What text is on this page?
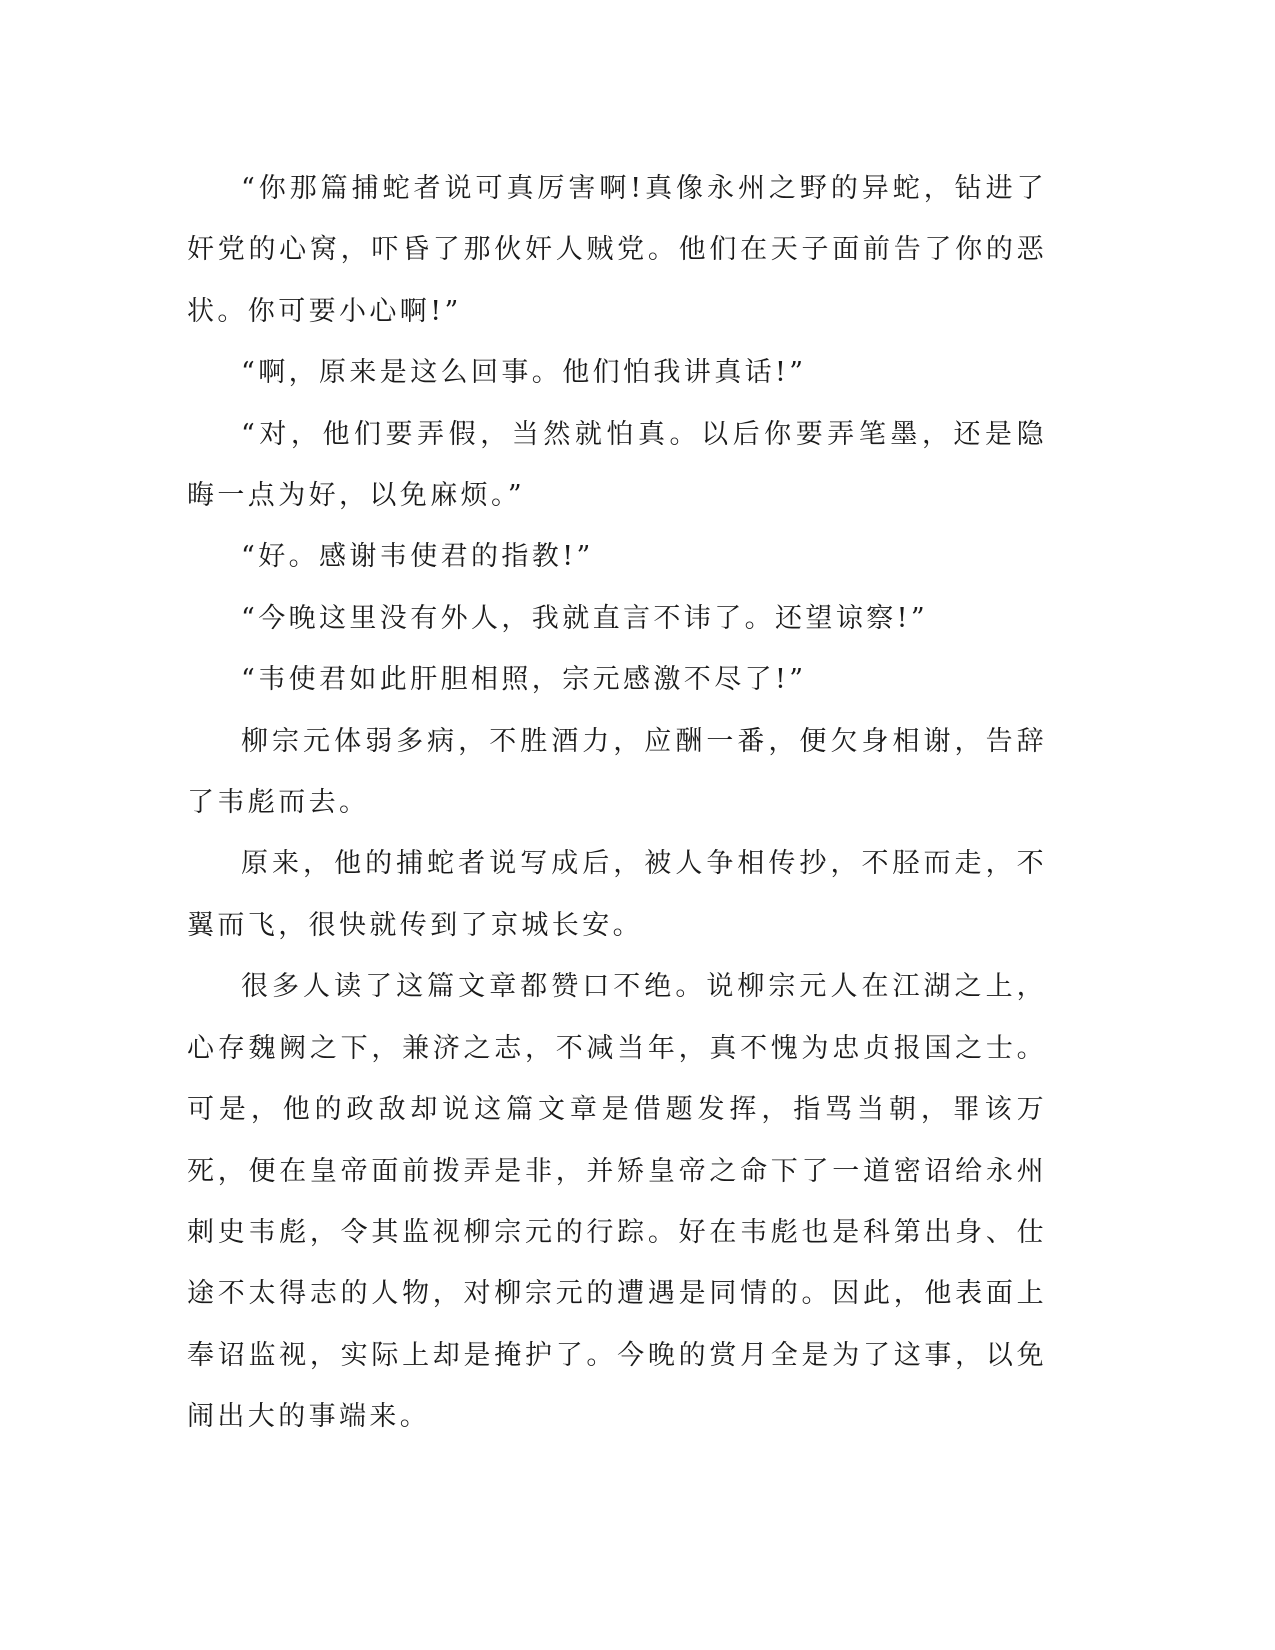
“你那篇捕蛇者说可真厉害啊!真像永州之野的异蛇，钻进了奸党的心窝，吓昏了那伙奸人贼党。他们在天子面前告了你的恶状。你可要小心啊!”

“啊，原来是这么回事。他们怕我讲真话!”

“对，他们要弄假，当然就怕真。以后你要弄笔墨，还是隐晦一点为好，以免麻烦。”

“好。感谢韦使君的指教!”

“今晚这里没有外人，我就直言不讳了。还望谅察!”

“韦使君如此肝胆相照，宗元感激不尽了!”

柳宗元体弱多病，不胜酒力，应酬一番，便欠身相谢，告辞了韦彪而去。

原来，他的捕蛇者说写成后，被人争相传抄，不胫而走，不翼而飞，很快就传到了京城长安。

很多人读了这篇文章都赞口不绝。说柳宗元人在江湖之上，心存魏阙之下，兼济之志，不减当年，真不愧为忠贞报国之士。可是，他的政敌却说这篇文章是借题发挥，指骂当朝，罪该万死，便在皇帝面前拨弄是非，并矫皇帝之命下了一道密诏给永州刺史韦彪，令其监视柳宗元的行踪。好在韦彪也是科第出身、仕途不太得志的人物，对柳宗元的遭遇是同情的。因此，他表面上奉诏监视，实际上却是掩护了。今晚的赏月全是为了这事，以免闹出大的事端来。
